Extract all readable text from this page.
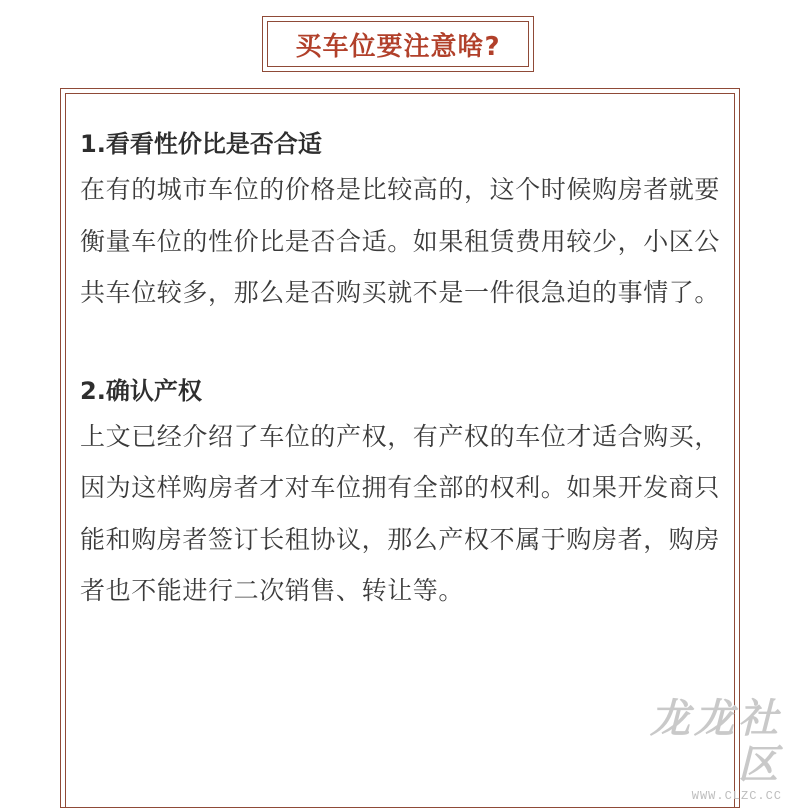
买车位要注意啥?

1.看看性价比是否合适

在有的城市车位的价格是比较高的，这个时候购房者就要衡量车位的性价比是否合适。如果租赁费用较少，小区公共车位较多，那么是否购买就不是一件很急迫的事情了。

2.确认产权

上文已经介绍了车位的产权，有产权的车位才适合购买，因为这样购房者才对车位拥有全部的权利。如果开发商只能和购房者签订长租协议，那么产权不属于购房者，购房者也不能进行二次销售、转让等。

龙龙社区
WWW.CLZC.CC
